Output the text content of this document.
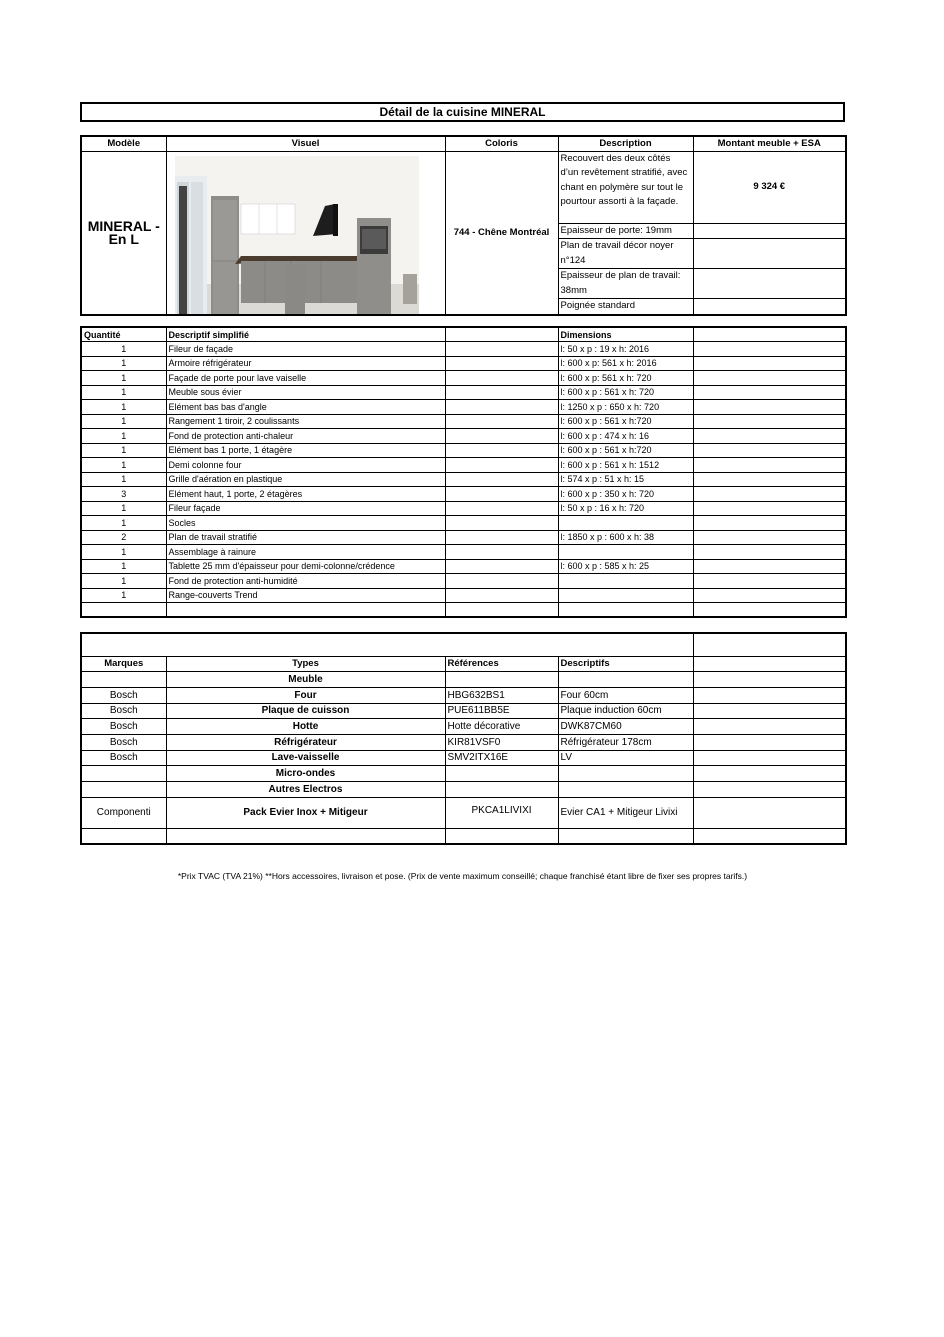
Détail de la cuisine MINERAL
Modèle	Visuel	Coloris	Description	Montant meuble + ESA
MINERAL - En L		744 - Chêne Montréal	Recouvert des deux côtés d’un revêtement stratifié, avec chant en polymère sur tout le pourtour assorti à la façade.	9 324 €
			Epaisseur de porte: 19mm	
			Plan de travail décor noyer n°124	
			Epaisseur de plan de travail: 38mm	
			Poignée standard	
Quantité	Descriptif simplifié		Dimensions	
1	Fileur de façade		l: 50 x p : 19 x h: 2016	
1	Armoire réfrigérateur		l: 600 x p: 561 x h: 2016	
1	Façade de porte pour lave vaiselle		l: 600 x p: 561 x h: 720	
1	Meuble sous évier		l: 600 x p : 561 x h: 720	
1	Elément bas bas d'angle		l: 1250 x p : 650 x h: 720	
1	Rangement 1 tiroir, 2 coulissants		l: 600 x p : 561 x h:720	
1	Fond de protection anti-chaleur		l: 600 x p : 474 x h: 16	
1	Elément bas 1 porte, 1 étagère		l: 600 x p : 561 x h:720	
1	Demi colonne four		l: 600 x p : 561 x h: 1512	
1	Grille d'aération en plastique		l: 574 x p : 51 x h: 15	
3	Elément haut, 1 porte, 2 étagères		l: 600 x p : 350 x h: 720	
1	Fileur façade		l: 50 x p : 16 x h: 720	
1	Socles			
2	Plan de travail stratifié		l: 1850 x p : 600 x h: 38	
1	Assemblage à rainure			
1	Tablette 25 mm d'épaisseur pour demi-colonne/crédence		l: 600 x p : 585 x h: 25	
1	Fond de protection anti-humidité			
1	Range-couverts Trend			

Marques	Types	Références	Descriptifs	
	Meuble			
Bosch	Four	HBG632BS1	Four 60cm	
Bosch	Plaque de cuisson	PUE611BB5E	Plaque induction 60cm	
Bosch	Hotte	Hotte décorative	DWK87CM60	
Bosch	Réfrigérateur	KIR81VSF0	Réfrigérateur 178cm	
Bosch	Lave-vaisselle	SMV2ITX16E	LV	
	Micro-ondes			
	Autres Electros			
Componenti	Pack Evier Inox + Mitigeur	PKCA1LIVIXI	Evier CA1 + Mitigeur Livixi	

*Prix TVAC (TVA 21%) **Hors accessoires, livraison et pose. (Prix de vente maximum conseillé; chaque franchisé étant libre de fixer ses propres tarifs.)
